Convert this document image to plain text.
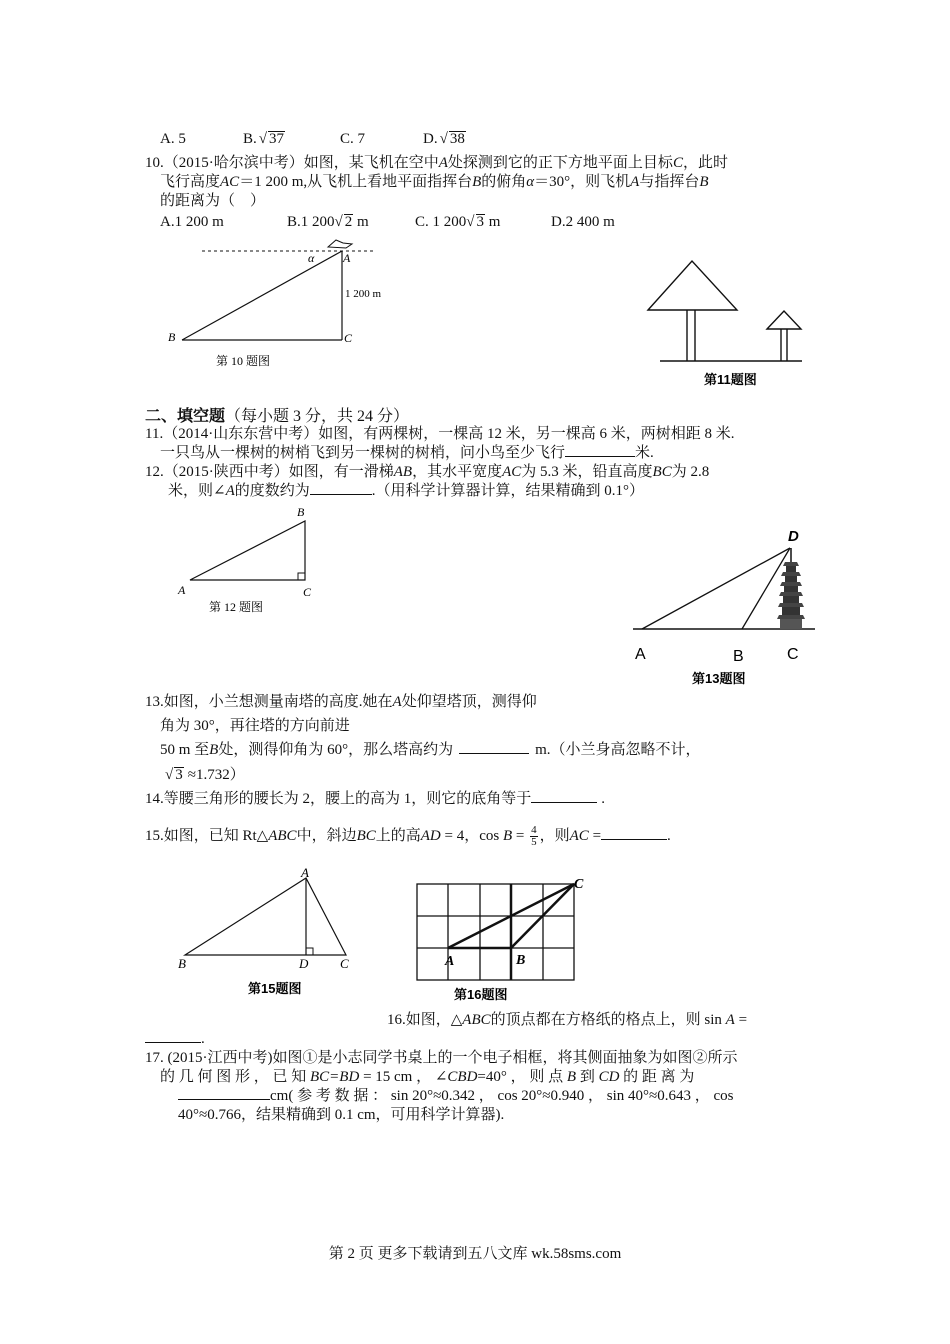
A. 5	B. √ 37	C. 7	D. √ 38
10.（2015·哈尔滨中考）如图，某飞机在空中A处探测到它的正下方地平面上目标C，此时
飞行高度AC＝1 200 m,从飞机上看地平面指挥台B的俯角α＝30°，则飞机A与指挥台B
的距离为（　）
A.1 200 m	B.1 200√ 2 m	C. 1 200√ 3 m	D.2 400 m
A
α
1 200 m
B	C
第 10 题图
第11题图
二、填空题（每小题 3 分，共 24 分）
11.（2014·山东东营中考）如图，有两棵树，一棵高 12 米，另一棵高 6 米，两树相距 8 米.
一只鸟从一棵树的树梢飞到另一棵树的树梢，问小鸟至少飞行	米.
12.（2015·陕西中考）如图，有一滑梯AB，其水平宽度AC为 5.3 米，铅直高度BC为 2.8
米，则∠A的度数约为	.（用科学计算器计算，结果精确到 0.1°）
B
A	C
第 12 题图
D
A	B	C
第13题图
13.如图，小兰想测量南塔的高度.她在A处仰望塔顶，测得仰
角为 30°，再往塔的方向前进
50 m 至B处，测得仰角为 60°，那么塔高约为	m.（小兰身高忽略不计，
√ 3 ≈1.732）
14.等腰三角形的腰长为 2，腰上的高为 1，则它的底角等于	.
15.如图，已知 Rt△ABC中，斜边BC上的高AD = 4，$\cos B = \frac{4}{5}$ ，则AC =	.
A
B	D C
第15题图
A	B
C
第16题图
16.如图，△ABC的顶点都在方格纸的格点上，则 sin A =
.
17. (2015·江西中考)如图①是小志同学书桌上的一个电子相框，将其侧面抽象为如图②所示
的 几 何 图 形 ， 已 知 BC=BD = 15 cm ， ∠CBD=40° ， 则 点 B 到 CD 的 距 离 为
cm( 参 考 数 据 ： sin 20°≈0.342 ， cos 20°≈0.940 ， sin 40°≈0.643 ， cos
40°≈0.766，结果精确到 0.1 cm，可用科学计算器).
第 2 页 更多下载请到五八文库 wk.58sms.com
